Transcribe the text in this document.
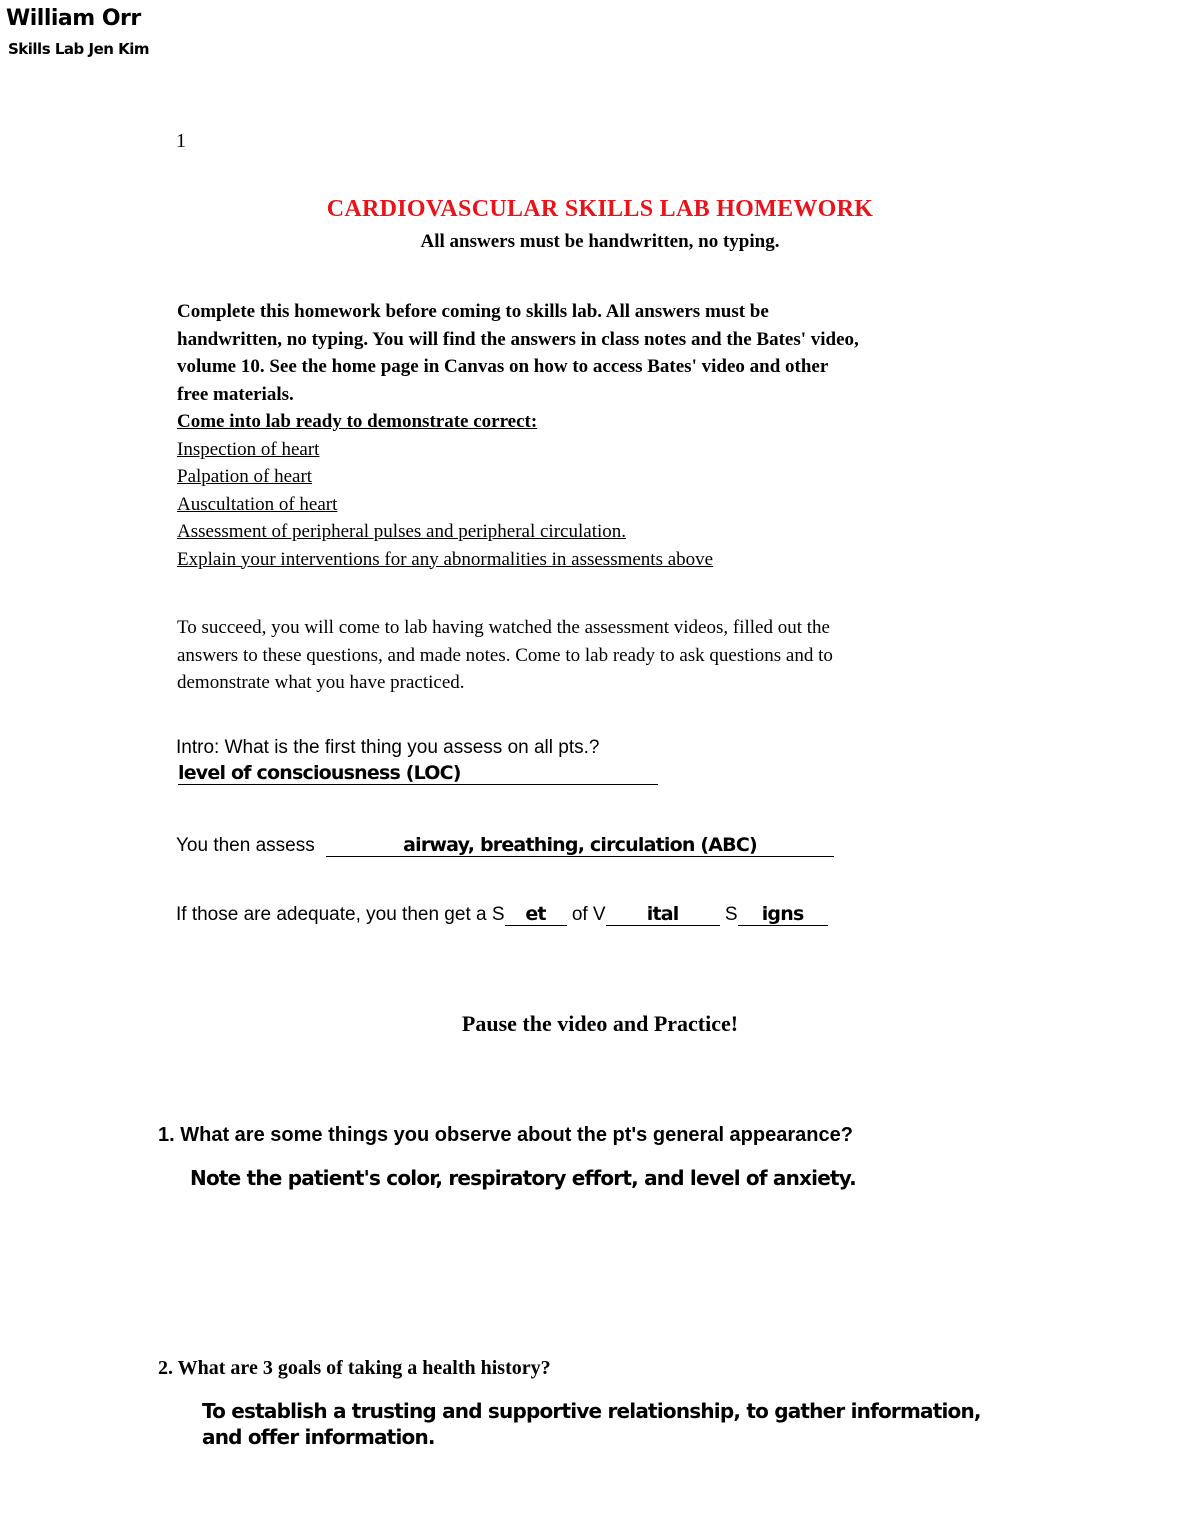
William Orr
Skills Lab Jen Kim
1
CARDIOVASCULAR SKILLS LAB HOMEWORK
All answers must be handwritten, no typing.
Complete this homework before coming to skills lab. All answers must be
handwritten, no typing. You will find the answers in class notes and the Bates' video,
volume 10. See the home page in Canvas on how to access Bates' video and other
free materials.
Come into lab ready to demonstrate correct:
Inspection of heart
Palpation of heart
Auscultation of heart
Assessment of peripheral pulses and peripheral circulation.
Explain your interventions for any abnormalities in assessments above
To succeed, you will come to lab having watched the assessment videos, filled out the
answers to these questions, and made notes. Come to lab ready to ask questions and to
demonstrate what you have practiced.
Intro: What is the first thing you assess on all pts.?
level of consciousness (LOC)
You then assess	airway, breathing, circulation (ABC)
If those are adequate, you then get a S et of V ital S igns
Pause the video and Practice!
1. What are some things you observe about the pt's general appearance?
Note the patient's color, respiratory effort, and level of anxiety.
2. What are 3 goals of taking a health history?
To establish a trusting and supportive relationship, to gather information,
and offer information.
